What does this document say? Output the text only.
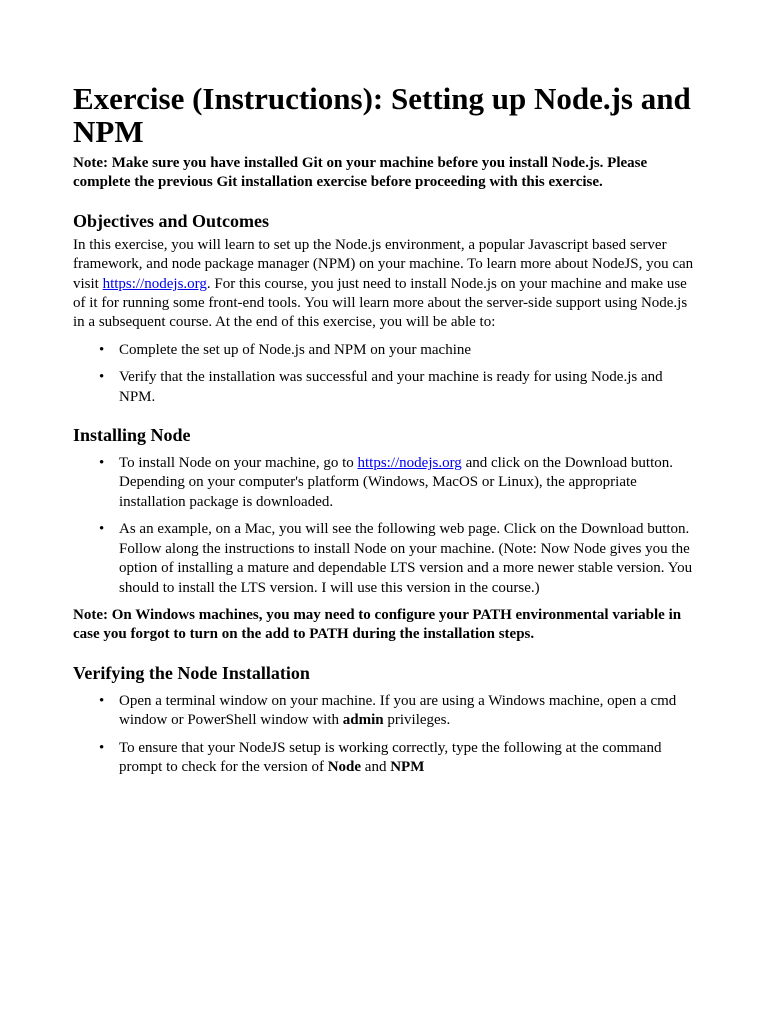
Exercise (Instructions): Setting up Node.js and NPM

Note: Make sure you have installed Git on your machine before you install Node.js. Please complete the previous Git installation exercise before proceeding with this exercise.

Objectives and Outcomes

In this exercise, you will learn to set up the Node.js environment, a popular Javascript based server framework, and node package manager (NPM) on your machine. To learn more about NodeJS, you can visit https://nodejs.org. For this course, you just need to install Node.js on your machine and make use of it for running some front-end tools. You will learn more about the server-side support using Node.js in a subsequent course. At the end of this exercise, you will be able to:

• Complete the set up of Node.js and NPM on your machine
• Verify that the installation was successful and your machine is ready for using Node.js and NPM.
Installing Node
• To install Node on your machine, go to https://nodejs.org and click on the Download button. Depending on your computer's platform (Windows, MacOS or Linux), the appropriate installation package is downloaded.
• As an example, on a Mac, you will see the following web page. Click on the Download button. Follow along the instructions to install Node on your machine. (Note: Now Node gives you the option of installing a mature and dependable LTS version and a more newer stable version. You should to install the LTS version. I will use this version in the course.)

Note: On Windows machines, you may need to configure your PATH environmental variable in case you forgot to turn on the add to PATH during the installation steps.

Verifying the Node Installation
• Open a terminal window on your machine. If you are using a Windows machine, open a cmd window or PowerShell window with admin privileges.
• To ensure that your NodeJS setup is working correctly, type the following at the command prompt to check for the version of Node and NPM
